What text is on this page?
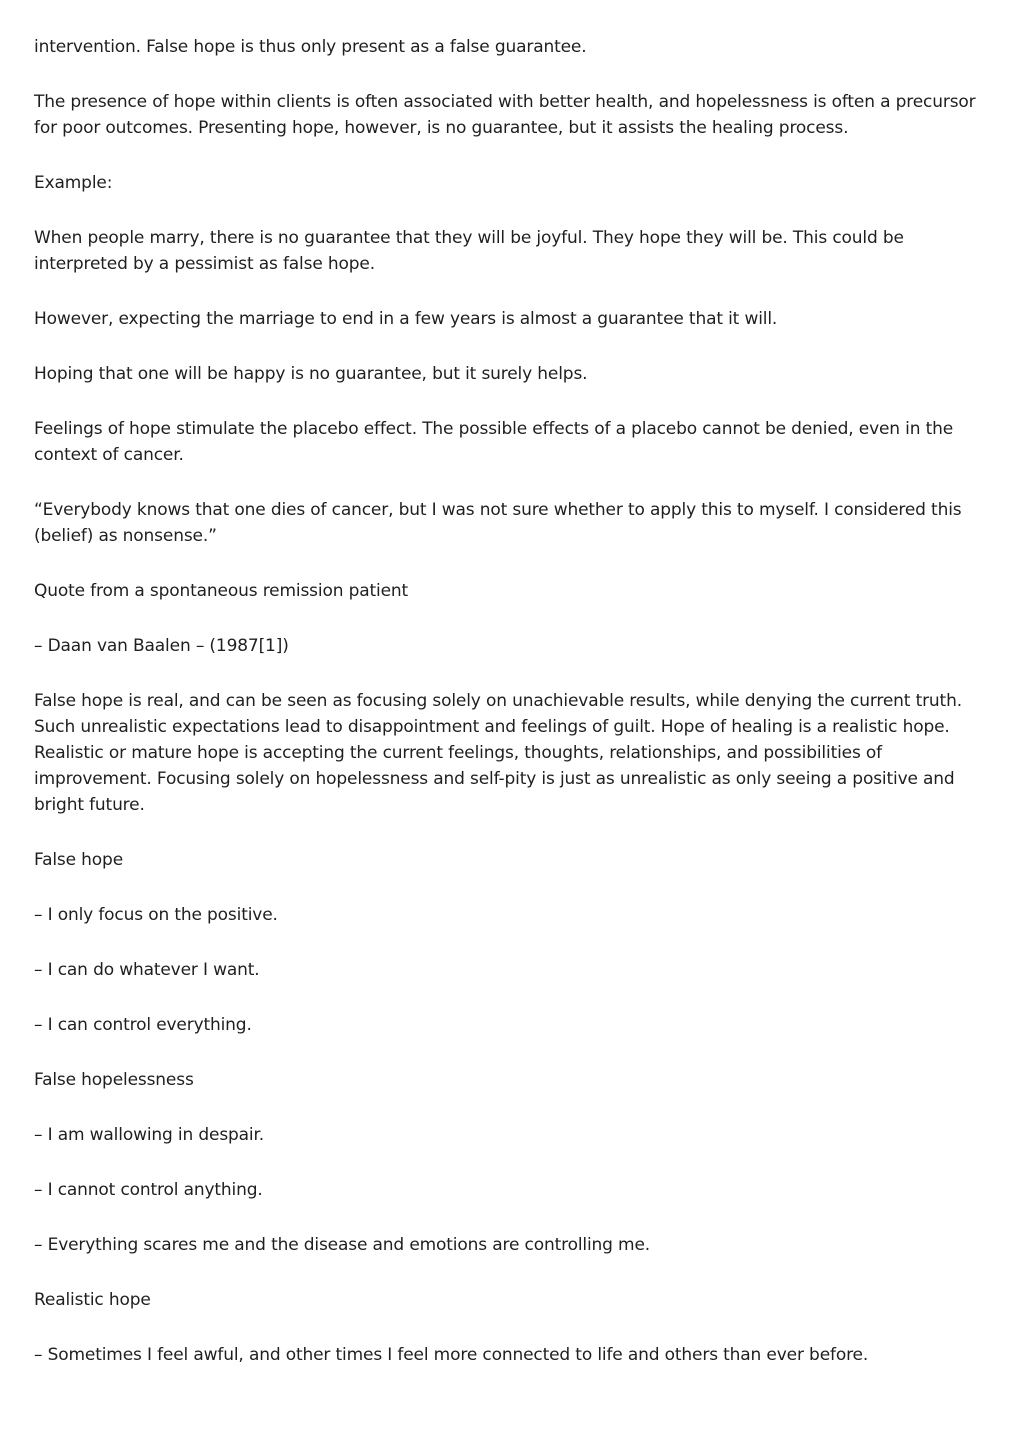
intervention. False hope is thus only present as a false guarantee.

The presence of hope within clients is often associated with better health, and hopelessness is often a precursor for poor outcomes. Presenting hope, however, is no guarantee, but it assists the healing process.

Example:

When people marry, there is no guarantee that they will be joyful. They hope they will be. This could be interpreted by a pessimist as false hope.

However, expecting the marriage to end in a few years is almost a guarantee that it will.

Hoping that one will be happy is no guarantee, but it surely helps.

Feelings of hope stimulate the placebo effect. The possible effects of a placebo cannot be denied, even in the context of cancer.

“Everybody knows that one dies of cancer, but I was not sure whether to apply this to myself. I considered this (belief) as nonsense.”

Quote from a spontaneous remission patient

– Daan van Baalen – (1987[1])

False hope is real, and can be seen as focusing solely on unachievable results, while denying the current truth. Such unrealistic expectations lead to disappointment and feelings of guilt. Hope of healing is a realistic hope. Realistic or mature hope is accepting the current feelings, thoughts, relationships, and possibilities of improvement. Focusing solely on hopelessness and self-pity is just as unrealistic as only seeing a positive and bright future.

False hope

– I only focus on the positive.

– I can do whatever I want.

– I can control everything.

False hopelessness

– I am wallowing in despair.

– I cannot control anything.

– Everything scares me and the disease and emotions are controlling me.

Realistic hope

– Sometimes I feel awful, and other times I feel more connected to life and others than ever before.
